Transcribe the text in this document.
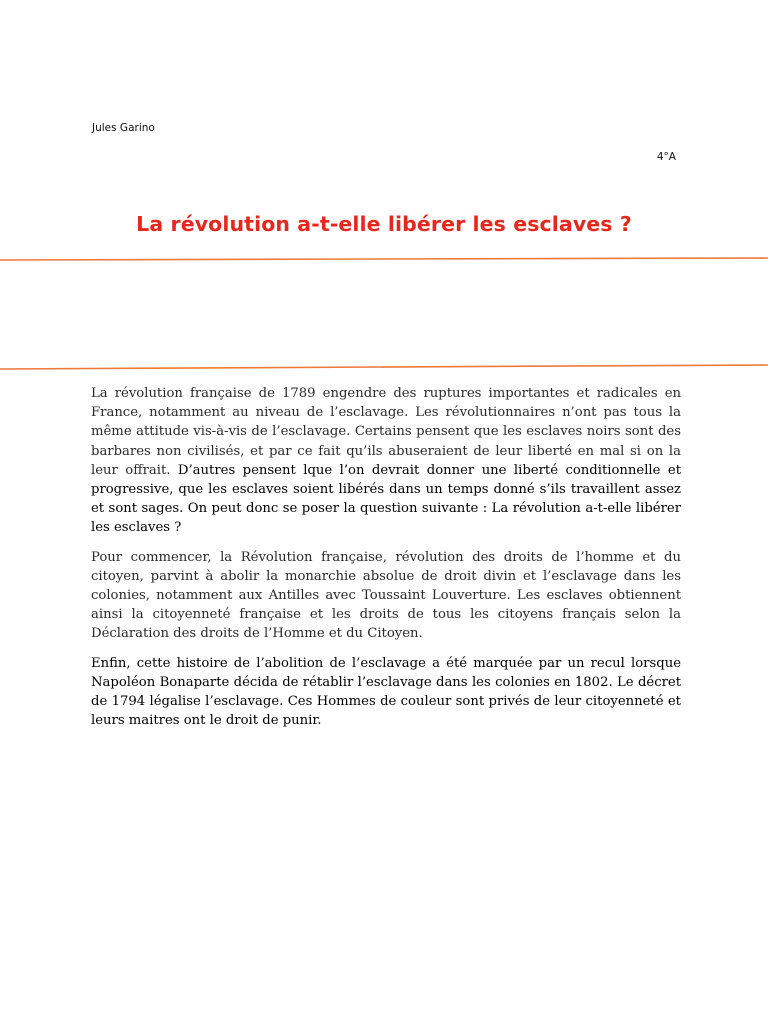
Jules Garino

4°A

La révolution a-t-elle libérer les esclaves ?

La révolution française de 1789 engendre des ruptures importantes et radicales en France, notamment au niveau de l’esclavage. Les révolutionnaires n’ont pas tous la même attitude vis-à-vis de l’esclavage. Certains pensent que les esclaves noirs sont des barbares non civilisés, et par ce fait qu’ils abuseraient de leur liberté en mal si on la leur offrait. D’autres pensent lque l’on devrait donner une liberté conditionnelle et progressive, que les esclaves soient libérés dans un temps donné s’ils travaillent assez et sont sages. On peut donc se poser la question suivante : La révolution a-t-elle libérer les esclaves ?

Pour commencer, la Révolution française, révolution des droits de l’homme et du citoyen, parvint à abolir la monarchie absolue de droit divin et l’esclavage dans les colonies, notamment aux Antilles avec Toussaint Louverture. Les esclaves obtiennent ainsi la citoyenneté française et les droits de tous les citoyens français selon la Déclaration des droits de l’Homme et du Citoyen.

Enfin, cette histoire de l’abolition de l’esclavage a été marquée par un recul lorsque Napoléon Bonaparte décida de rétablir l’esclavage dans les colonies en 1802. Le décret de 1794 légalise l’esclavage. Ces Hommes de couleur sont privés de leur citoyenneté et leurs maitres ont le droit de punir.
